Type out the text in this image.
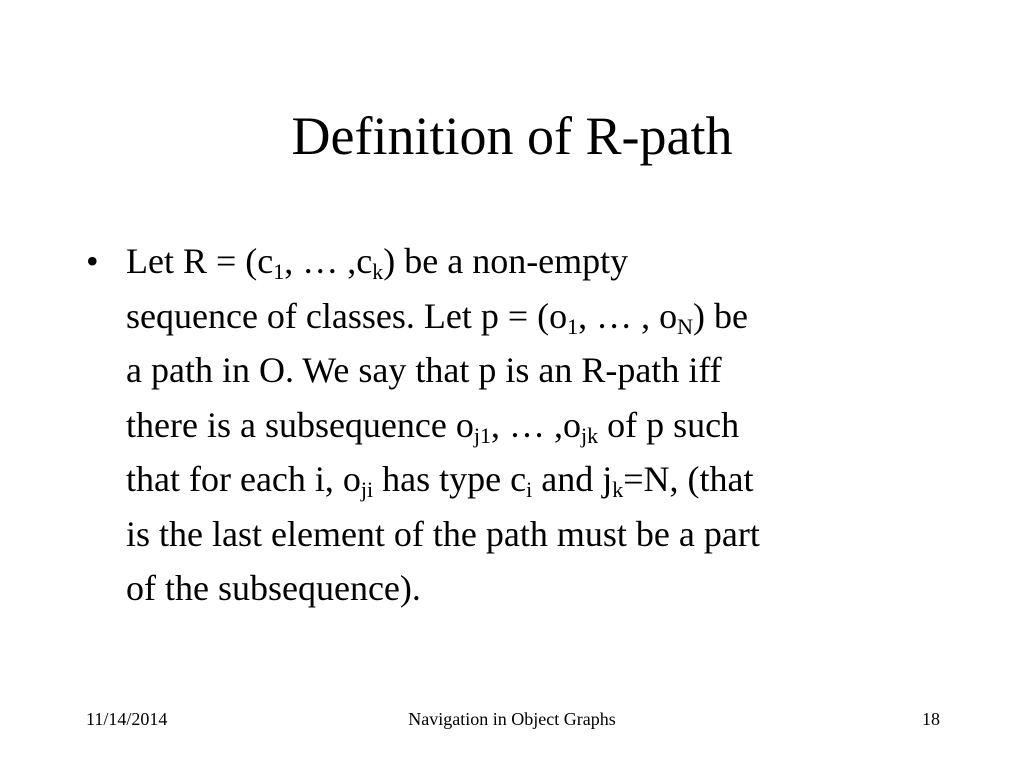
Definition of R-path
• Let $R = (c_1$, … $,c_k$) be a non-empty
sequence of classes. Let $p = (o_1$, … , $o_N$) be
a path in O. We say that p is an R-path iff
there is a subsequence $o_{j1}$, … $,o_{jk}$ of p such
that for each i, $o_{ji}$ has type $c_i$ and $j_k=N$, (that
is the last element of the path must be a part
of the subsequence).
11/14/2014	Navigation in Object Graphs	18
